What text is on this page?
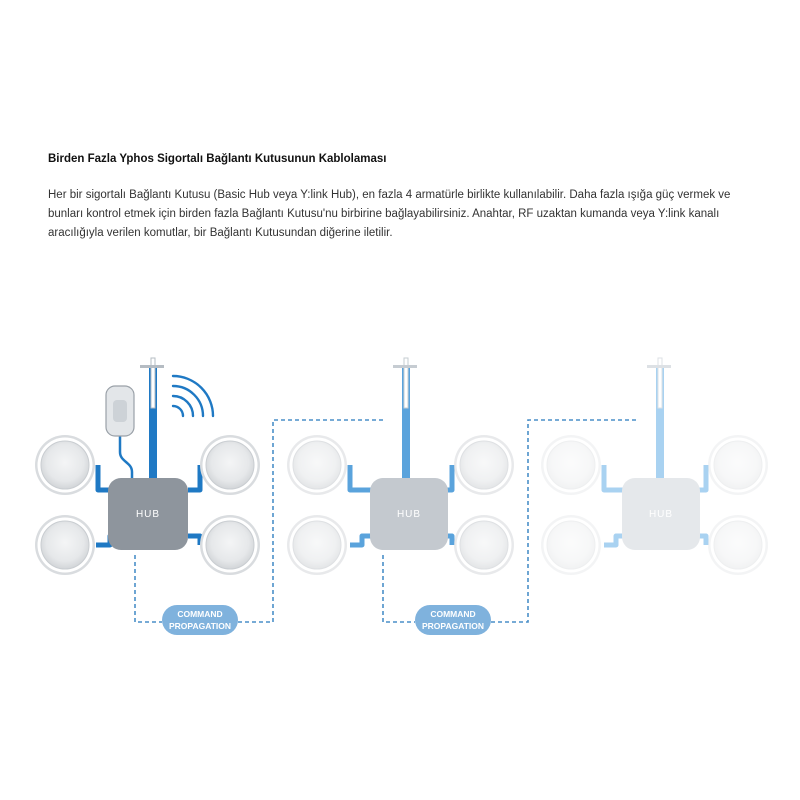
Birden Fazla Yphos Sigortalı Bağlantı Kutusunun Kablolaması

Her bir sigortalı Bağlantı Kutusu (Basic Hub veya Y:link Hub), en fazla 4 armatürle birlikte kullanılabilir. Daha fazla ışığa güç vermek ve bunları kontrol etmek için birden fazla Bağlantı Kutusu'nu birbirine bağlayabilirsiniz. Anahtar, RF uzaktan kumanda veya Y:link kanalı aracılığıyla verilen komutlar, bir Bağlantı Kutusundan diğerine iletilir.

HUB	HUB	HUB
COMMAND
PROPAGATION
COMMAND
PROPAGATION
